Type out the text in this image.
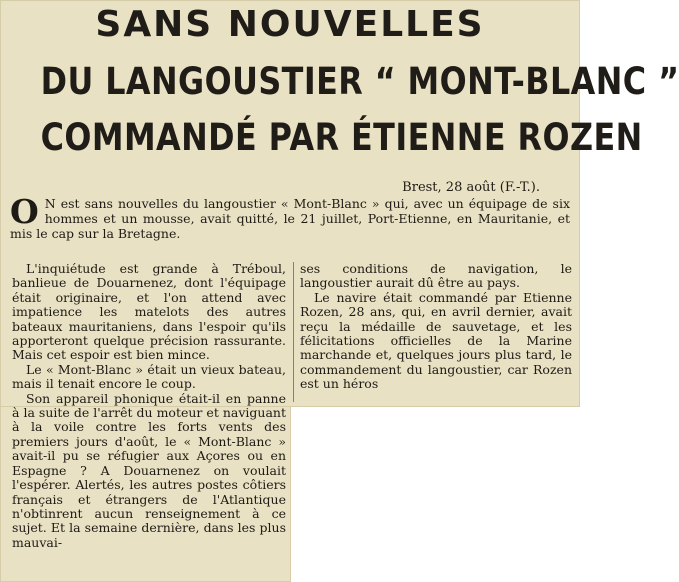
SANS NOUVELLES
DU LANGOUSTIER “ MONT-BLANC ”
COMMANDÉ PAR ÉTIENNE ROZEN
Brest, 28 août (F.-T.).
O N est sans nouvelles du langoustier « Mont-Blanc » qui, avec un équipage de six hommes et un mousse, avait quitté, le 21 juillet, Port-Etienne, en Mauritanie, et mis le cap sur la Bretagne.

L'inquiétude est grande à Tréboul, banlieue de Douarnenez, dont l'équipage était originaire, et l'on attend avec impatience les matelots des autres bateaux mauritaniens, dans l'espoir qu'ils apporteront quelque précision rassurante. Mais cet espoir est bien mince.

Le « Mont-Blanc » était un vieux bateau, mais il tenait encore le coup.

Son appareil phonique était-il en panne à la suite de l'arrêt du moteur et naviguant à la voile contre les forts vents des premiers jours d'août, le « Mont-Blanc » avait-il pu se réfugier aux Açores ou en Espagne ? A Douarnenez on voulait l'espérer. Alertés, les autres postes côtiers français et étrangers de l'Atlantique n'obtinrent aucun renseignement à ce sujet. Et la semaine dernière, dans les plus mauvai-

ses conditions de navigation, le langoustier aurait dû être au pays.

Le navire était commandé par Etienne Rozen, 28 ans, qui, en avril dernier, avait reçu la médaille de sauvetage, et les félicitations officielles de la Marine marchande et, quelques jours plus tard, le commandement du langoustier, car Rozen est un héros
